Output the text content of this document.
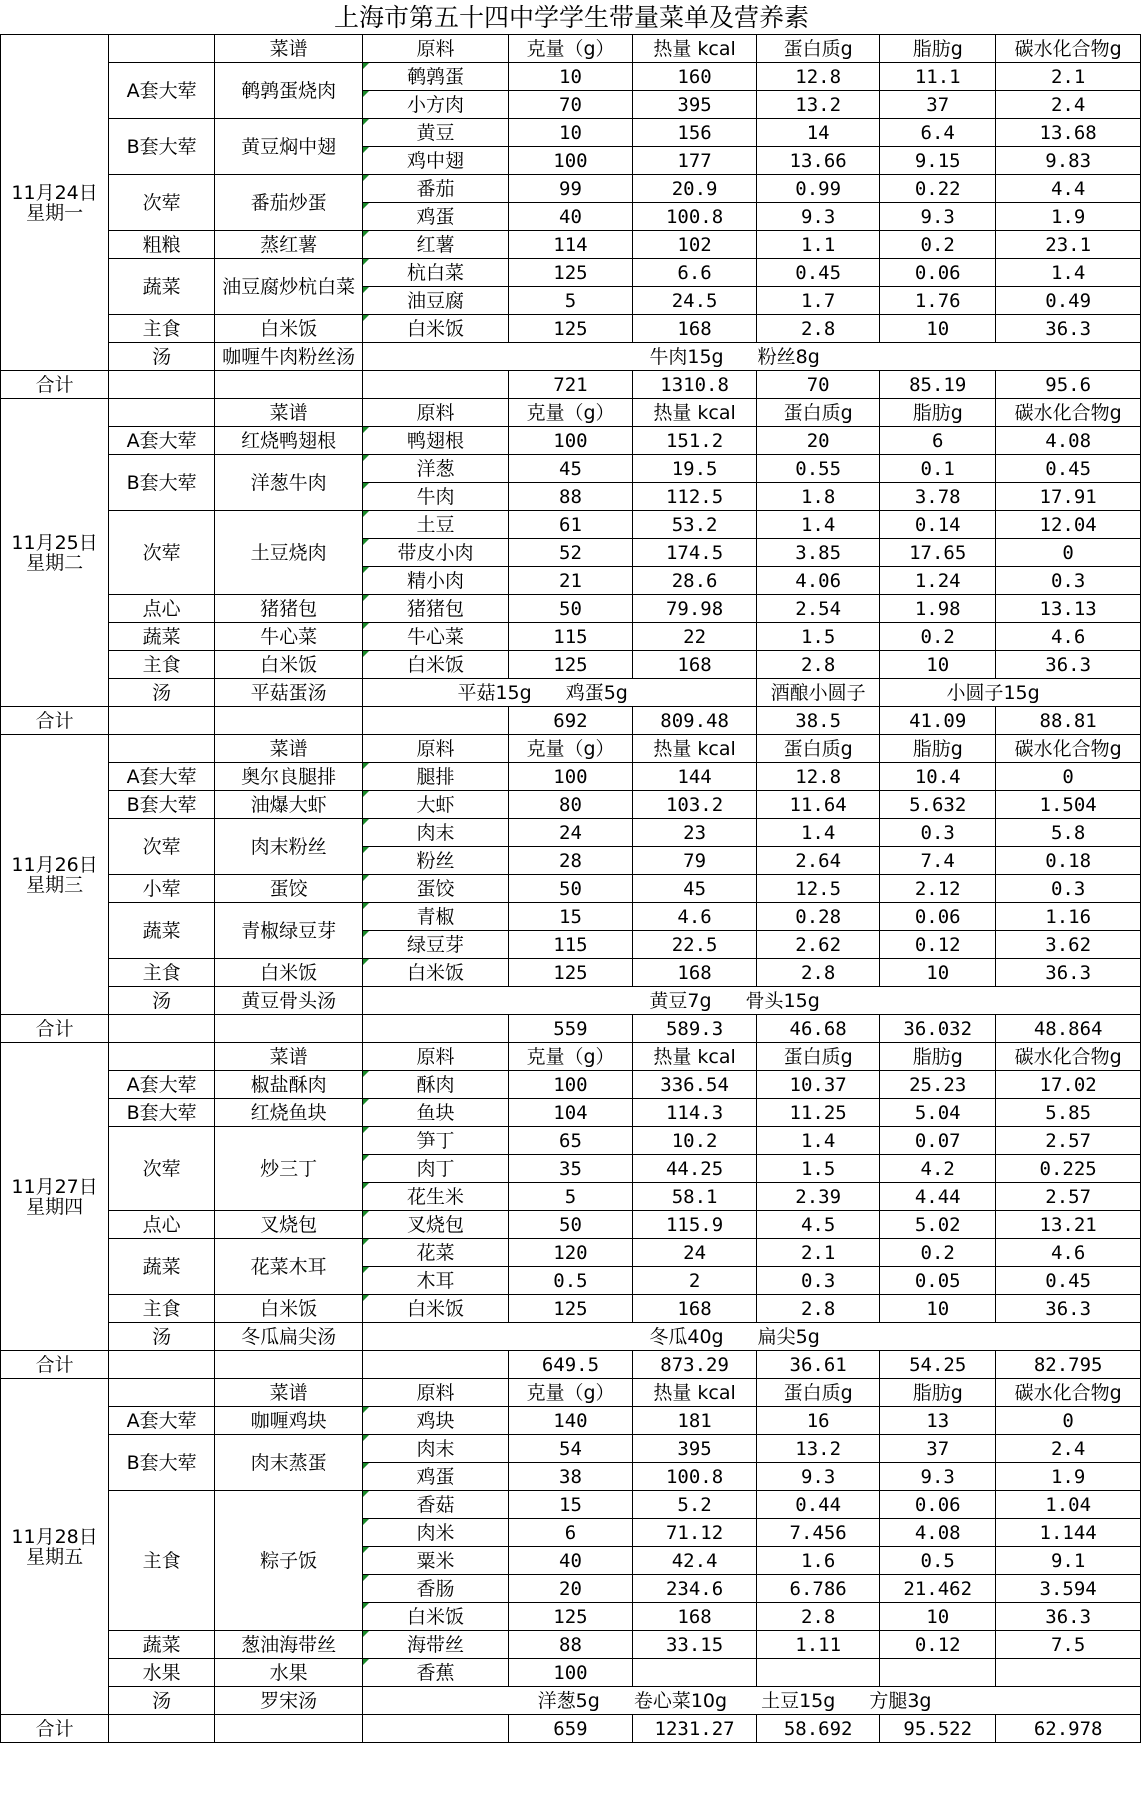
上海市第五十四中学学生带量菜单及营养素
11月24日
星期一		菜谱	原料	克量（g）	热量 kcal	蛋白质g	脂肪g	碳水化合物g
	A套大荤	鹌鹑蛋烧肉	鹌鹑蛋	10	160	12.8	11.1	2.1
			小方肉	70	395	13.2	37	2.4
	B套大荤	黄豆焖中翅	黄豆	10	156	14	6.4	13.68
			鸡中翅	100	177	13.66	9.15	9.83
	次荤	番茄炒蛋	番茄	99	20.9	0.99	0.22	4.4
			鸡蛋	40	100.8	9.3	9.3	1.9
	粗粮	蒸红薯	红薯	114	102	1.1	0.2	23.1
	蔬菜	油豆腐炒杭白菜	杭白菜	125	6.6	0.45	0.06	1.4
			油豆腐	5	24.5	1.7	1.76	0.49
	主食	白米饭	白米饭	125	168	2.8	10	36.3
	汤	咖喱牛肉粉丝汤	牛肉15g 粉丝8g					
合计				721	1310.8	70	85.19	95.6

11月25日
星期二		菜谱	原料	克量（g）	热量 kcal	蛋白质g	脂肪g	碳水化合物g
	A套大荤	红烧鸭翅根	鸭翅根	100	151.2	20	6	4.08
	B套大荤	洋葱牛肉	洋葱	45	19.5	0.55	0.1	0.45
			牛肉	88	112.5	1.8	3.78	17.91
	次荤	土豆烧肉	土豆	61	53.2	1.4	0.14	12.04
			带皮小肉	52	174.5	3.85	17.65	0
			精小肉	21	28.6	4.06	1.24	0.3
	点心	猪猪包	猪猪包	50	79.98	2.54	1.98	13.13
	蔬菜	牛心菜	牛心菜	115	22	1.5	0.2	4.6
	主食	白米饭	白米饭	125	168	2.8	10	36.3
	汤	平菇蛋汤	平菇15g 鸡蛋5g			酒酿小圆子	小圆子15g	
合计				692	809.48	38.5	41.09	88.81

11月26日
星期三		菜谱	原料	克量（g）	热量 kcal	蛋白质g	脂肪g	碳水化合物g
	A套大荤	奥尔良腿排	腿排	100	144	12.8	10.4	0
	B套大荤	油爆大虾	大虾	80	103.2	11.64	5.632	1.504
	次荤	肉末粉丝	肉末	24	23	1.4	0.3	5.8
			粉丝	28	79	2.64	7.4	0.18
	小荤	蛋饺	蛋饺	50	45	12.5	2.12	0.3
	蔬菜	青椒绿豆芽	青椒	15	4.6	0.28	0.06	1.16
			绿豆芽	115	22.5	2.62	0.12	3.62
	主食	白米饭	白米饭	125	168	2.8	10	36.3
	汤	黄豆骨头汤	黄豆7g 骨头15g					
合计				559	589.3	46.68	36.032	48.864

11月27日
星期四		菜谱	原料	克量（g）	热量 kcal	蛋白质g	脂肪g	碳水化合物g
	A套大荤	椒盐酥肉	酥肉	100	336.54	10.37	25.23	17.02
	B套大荤	红烧鱼块	鱼块	104	114.3	11.25	5.04	5.85
	次荤	炒三丁	笋丁	65	10.2	1.4	0.07	2.57
			肉丁	35	44.25	1.5	4.2	0.225
			花生米	5	58.1	2.39	4.44	2.57
	点心	叉烧包	叉烧包	50	115.9	4.5	5.02	13.21
	蔬菜	花菜木耳	花菜	120	24	2.1	0.2	4.6
			木耳	0.5	2	0.3	0.05	0.45
	主食	白米饭	白米饭	125	168	2.8	10	36.3
	汤	冬瓜扁尖汤	冬瓜40g 扁尖5g					
合计				649.5	873.29	36.61	54.25	82.795

11月28日
星期五		菜谱	原料	克量（g）	热量 kcal	蛋白质g	脂肪g	碳水化合物g
	A套大荤	咖喱鸡块	鸡块	140	181	16	13	0
	B套大荤	肉末蒸蛋	肉末	54	395	13.2	37	2.4
			鸡蛋	38	100.8	9.3	9.3	1.9
	主食	粽子饭	香菇	15	5.2	0.44	0.06	1.04
			肉米	6	71.12	7.456	4.08	1.144
			粟米	40	42.4	1.6	0.5	9.1
			香肠	20	234.6	6.786	21.462	3.594
			白米饭	125	168	2.8	10	36.3
	蔬菜	葱油海带丝	海带丝	88	33.15	1.11	0.12	7.5
	水果	水果	香蕉	100				
	汤	罗宋汤	洋葱5g 卷心菜10g 土豆15g 方腿3g					
合计				659	1231.27	58.692	95.522	62.978
